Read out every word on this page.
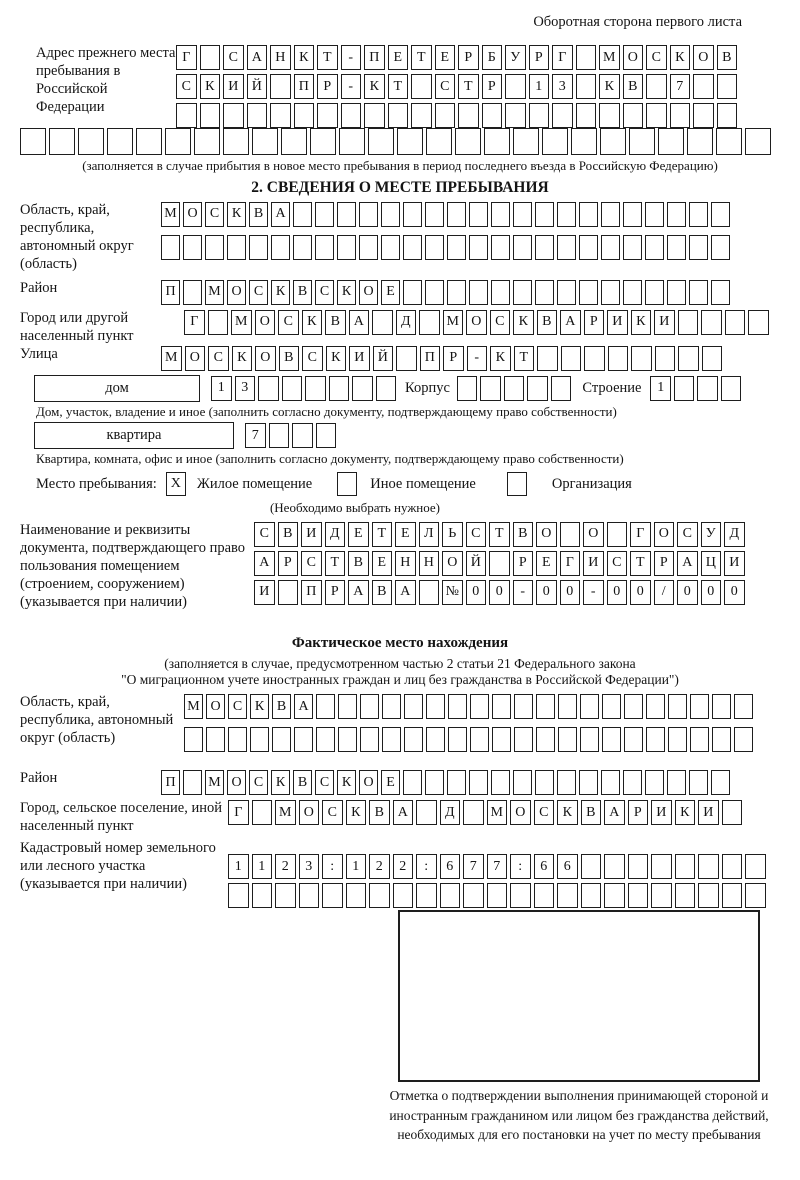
Оборотная сторона первого листа
Адрес прежнего места пребывания в Российской Федерации
Г	С А Н К	Т	-	П	Е	Т	Е	Р	Б	У	Р	Г	М О С	К О В
С	К И Й	П	Р	-	К	Т	С	Т	Р	1	3	К	В	7
(заполняется в случае прибытия в новое место пребывания в период последнего въезда в Российскую Федерацию)
2. СВЕДЕНИЯ О МЕСТЕ ПРЕБЫВАНИЯ
Область, край, республика, автономный округ (область)
М О С К В А
Район	П	М О С К В С К О Е
Город или другой населенный пункт
Г	М О С	К	В А	Д	М О С	К	В А	Р	И К И
Улица	М О С	К О В	С	К И Й	П	Р	-	К	Т
дом	1	3	Корпус	Строение	1
Дом, участок, владение и иное (заполнить согласно документу, подтверждающему право собственности)
квартира	7
Квартира, комната, офис и иное (заполнить согласно документу, подтверждающему право собственности)
Место пребывания: X	Жилое помещение	Иное помещение	Организация
(Необходимо выбрать нужное)
Наименование и реквизиты документа, подтверждающего право пользования помещением (строением, сооружением) (указывается при наличии)
С	В И Д	Е	Т	Е	Л	Ь	С	Т	В О	О	Г	О С У Д
А	Р	С	Т	В	Е	Н Н О Й	Р	Е	Г	И С	Т	Р	А Ц И
И	П	Р	А В А	№ 0	0	-	0	0	-	0	0	/	0	0	0
Фактическое место нахождения
(заполняется в случае, предусмотренном частью 2 статьи 21 Федерального закона
"О миграционном учете иностранных граждан и лиц без гражданства в Российской Федерации")
Область, край, республика, автономный округ (область)
М О С К В А
Район	П	М О С К В С К О Е
Город, сельское поселение, иной населенный пункт
Г	М О С	К	В А	Д	М О С	К	В А	Р	И К И
Кадастровый номер земельного или лесного участка (указывается при наличии)
1	1	2	3	:	1	2	2	:	6	7	7	:	6	6
Отметка о подтверждении выполнения принимающей стороной и иностранным гражданином или лицом без гражданства действий, необходимых для его постановки на учет по месту пребывания
